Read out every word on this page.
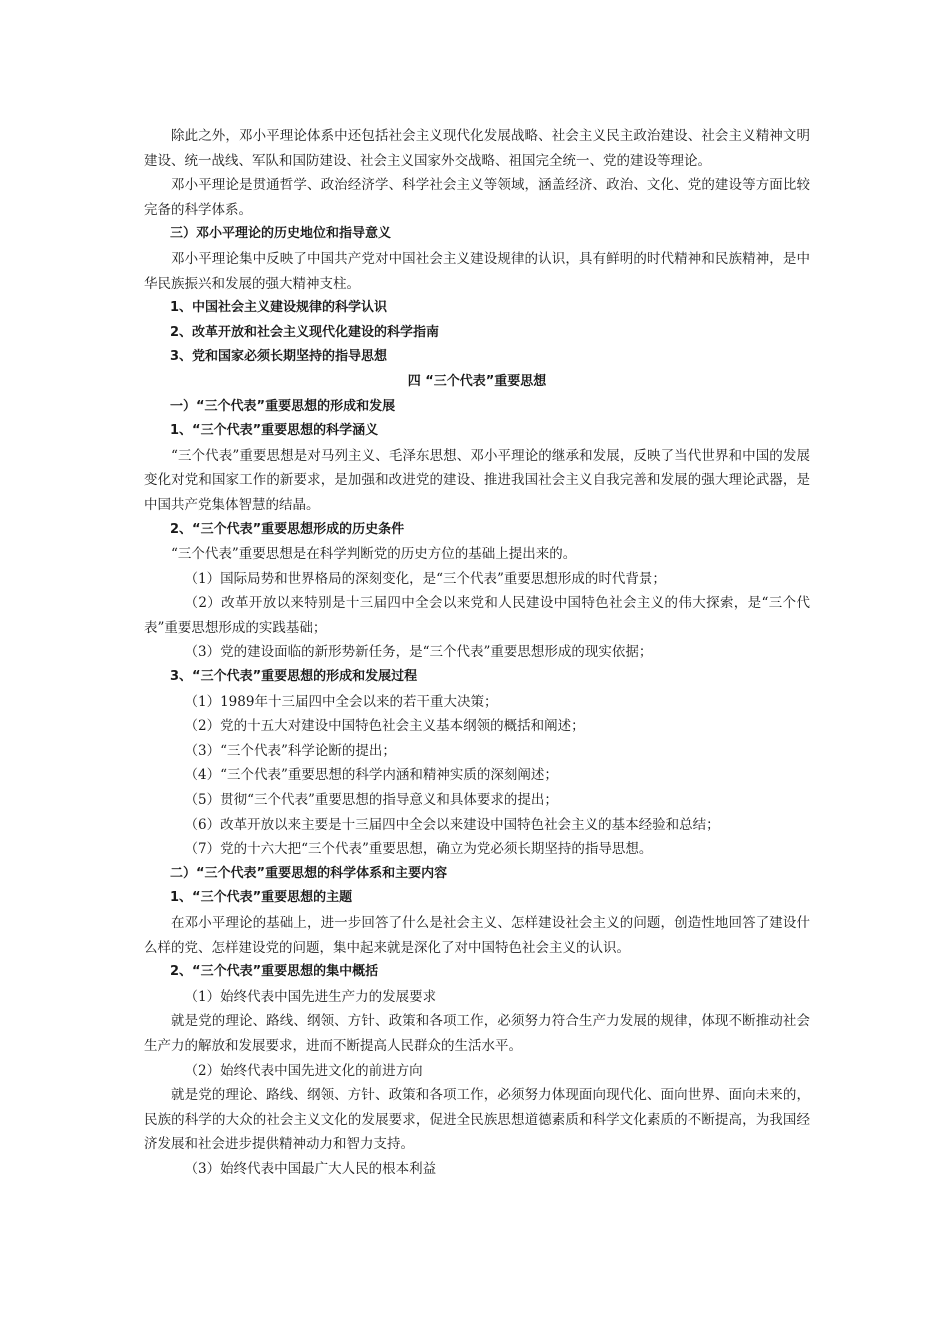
除此之外，邓小平理论体系中还包括社会主义现代化发展战略、社会主义民主政治建设、社会主义精神文明建设、统一战线、军队和国防建设、社会主义国家外交战略、祖国完全统一、党的建设等理论。

邓小平理论是贯通哲学、政治经济学、科学社会主义等领域，涵盖经济、政治、文化、党的建设等方面比较完备的科学体系。

三）邓小平理论的历史地位和指导意义

邓小平理论集中反映了中国共产党对中国社会主义建设规律的认识，具有鲜明的时代精神和民族精神，是中华民族振兴和发展的强大精神支柱。

1、中国社会主义建设规律的科学认识

2、改革开放和社会主义现代化建设的科学指南

3、党和国家必须长期坚持的指导思想

四 “三个代表”重要思想

一）“三个代表”重要思想的形成和发展

1、“三个代表”重要思想的科学涵义

“三个代表”重要思想是对马列主义、毛泽东思想、邓小平理论的继承和发展，反映了当代世界和中国的发展变化对党和国家工作的新要求，是加强和改进党的建设、推进我国社会主义自我完善和发展的强大理论武器，是中国共产党集体智慧的结晶。

2、“三个代表”重要思想形成的历史条件

“三个代表”重要思想是在科学判断党的历史方位的基础上提出来的。

（1）国际局势和世界格局的深刻变化，是“三个代表”重要思想形成的时代背景；

（2）改革开放以来特别是十三届四中全会以来党和人民建设中国特色社会主义的伟大探索，是“三个代表”重要思想形成的实践基础；

（3）党的建设面临的新形势新任务，是“三个代表”重要思想形成的现实依据；

3、“三个代表”重要思想的形成和发展过程

（1）1989年十三届四中全会以来的若干重大决策；

（2）党的十五大对建设中国特色社会主义基本纲领的概括和阐述；

（3）“三个代表”科学论断的提出；

（4）“三个代表”重要思想的科学内涵和精神实质的深刻阐述；

（5）贯彻“三个代表”重要思想的指导意义和具体要求的提出；

（6）改革开放以来主要是十三届四中全会以来建设中国特色社会主义的基本经验和总结；

（7）党的十六大把“三个代表”重要思想，确立为党必须长期坚持的指导思想。

二）“三个代表”重要思想的科学体系和主要内容

1、“三个代表”重要思想的主题

在邓小平理论的基础上，进一步回答了什么是社会主义、怎样建设社会主义的问题，创造性地回答了建设什么样的党、怎样建设党的问题，集中起来就是深化了对中国特色社会主义的认识。

2、“三个代表”重要思想的集中概括

（1）始终代表中国先进生产力的发展要求

就是党的理论、路线、纲领、方针、政策和各项工作，必须努力符合生产力发展的规律，体现不断推动社会生产力的解放和发展要求，进而不断提高人民群众的生活水平。

（2）始终代表中国先进文化的前进方向

就是党的理论、路线、纲领、方针、政策和各项工作，必须努力体现面向现代化、面向世界、面向未来的，民族的科学的大众的社会主义文化的发展要求，促进全民族思想道德素质和科学文化素质的不断提高，为我国经济发展和社会进步提供精神动力和智力支持。

（3）始终代表中国最广大人民的根本利益
